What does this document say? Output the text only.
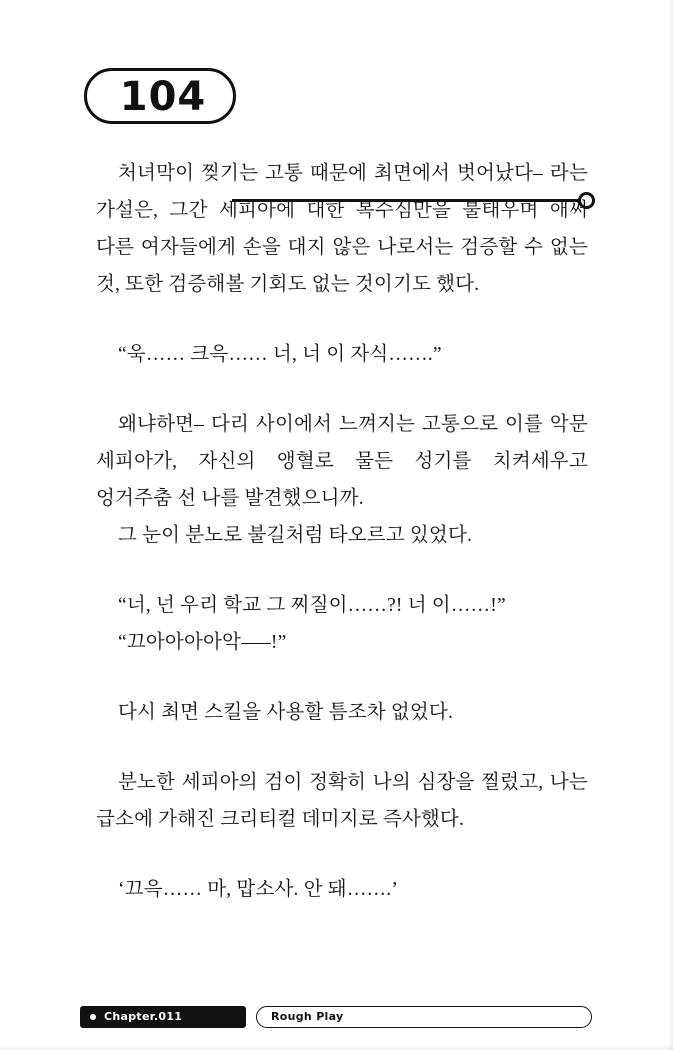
104

처녀막이 찢기는 고통 때문에 최면에서 벗어났다– 라는 가설은, 그간 세피아에 대한 복수심만을 불태우며 애써 다른 여자들에게 손을 대지 않은 나로서는 검증할 수 없는 것, 또한 검증해볼 기회도 없는 것이기도 했다.

“욱…… 크윽…… 너, 너 이 자식…….”

왜냐하면– 다리 사이에서 느껴지는 고통으로 이를 악문 세피아가, 자신의 앵혈로 물든 성기를 치켜세우고 엉거주춤 선 나를 발견했으니까.

그 눈이 분노로 불길처럼 타오르고 있었다.

“너, 넌 우리 학교 그 찌질이……?! 너 이……!”

“끄아아아아악–––!”

다시 최면 스킬을 사용할 틈조차 없었다.

분노한 세피아의 검이 정확히 나의 심장을 찔렀고, 나는 급소에 가해진 크리티컬 데미지로 즉사했다.

‘끄윽…… 마, 맙소사. 안 돼…….’

Chapter.011	Rough Play
